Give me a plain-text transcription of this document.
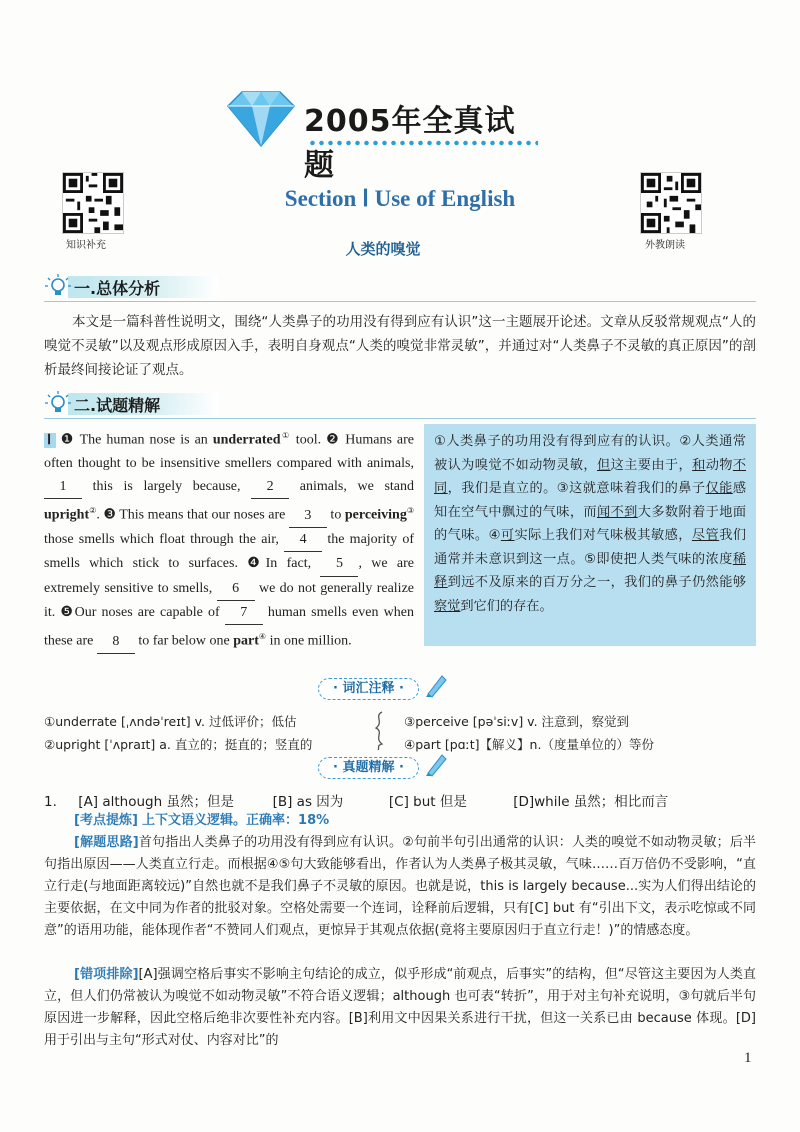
2005年全真试题
知识补充	外教朗读
Section Ⅰ Use of English
人类的嗅觉
一.总体分析
本文是一篇科普性说明文，围绕“人类鼻子的功用没有得到应有认识”这一主题展开论述。文章从反驳常规观点“人的嗅觉不灵敏”以及观点形成原因入手，表明自身观点“人类的嗅觉非常灵敏”，并通过对“人类鼻子不灵敏的真正原因”的剖析最终间接论证了观点。
二.试题精解
Ⅰ ❶ The human nose is an underrated① tool. ❷ Humans are often thought to be insensitive smellers compared with animals, 1 this is largely because, 2 animals, we stand upright②. ❸ This means that our noses are 3 to perceiving③ those smells which float through the air, 4 the majority of smells which stick to surfaces. ❹In fact, 5 , we are extremely sensitive to smells, 6 we do not generally realize it. ❺Our noses are capable of 7 human smells even when these are 8 to far below one part④ in one million.
①人类鼻子的功用没有得到应有的认识。②人类通常被认为嗅觉不如动物灵敏，但这主要由于，和动物不同，我们是直立的。③这就意味着我们的鼻子仅能感知在空气中飘过的气味，而闻不到大多数附着于地面的气味。④可实际上我们对气味极其敏感，尽管我们通常并未意识到这一点。⑤即使把人类气味的浓度稀释到远不及原来的百万分之一，我们的鼻子仍然能够察觉到它们的存在。
· 词汇注释 ·
①underrate [ˌʌndəˈreɪt] v. 过低评价；低估
②upright [ˈʌpraɪt] a. 直立的；挺直的；竖直的
③perceive [pəˈsiːv] v. 注意到，察觉到
④part [pɑːt]【解义】n.（度量单位的）等份
· 真题精解 ·
1. [A] although 虽然；但是	[B] as 因为	[C] but 但是	[D]while 虽然；相比而言
[考点提炼] 上下文语义逻辑。正确率：18%
[解题思路]首句指出人类鼻子的功用没有得到应有认识。②句前半句引出通常的认识：人类的嗅觉不如动物灵敏；后半句指出原因——人类直立行走。而根据④⑤句大致能够看出，作者认为人类鼻子极其灵敏，气味……百万倍仍不受影响，“直立行走(与地面距离较远)”自然也就不是我们鼻子不灵敏的原因。也就是说，this is largely because...实为人们得出结论的主要依据，在文中同为作者的批驳对象。空格处需要一个连词，诠释前后逻辑，只有[C] but 有“引出下文，表示吃惊或不同意”的语用功能，能体现作者“不赞同人们观点，更惊异于其观点依据(竟将主要原因归于直立行走！)”的情感态度。
[错项排除][A]强调空格后事实不影响主句结论的成立，似乎形成“前观点，后事实”的结构，但“尽管这主要因为人类直立，但人们仍常被认为嗅觉不如动物灵敏”不符合语义逻辑；although 也可表“转折”，用于对主句补充说明，③句就后半句原因进一步解释，因此空格后绝非次要性补充内容。[B]利用文中因果关系进行干扰，但这一关系已由 because 体现。[D]用于引出与主句“形式对仗、内容对比”的
1
